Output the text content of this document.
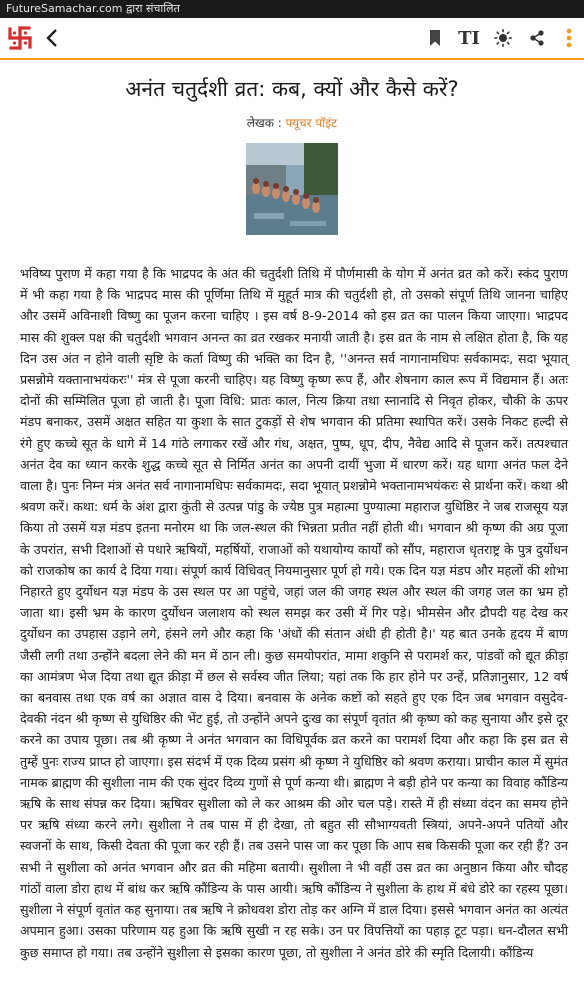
FutureSamachar.com द्वारा संचालित
TI
अनंत चतुर्दशी व्रत: कब, क्यों और कैसे करें?
लेखक : फ्यूचर पॉइंट

भविष्य पुराण में कहा गया है कि भाद्रपद के अंत की चतुर्दशी तिथि में पौर्णमासी के योग में अनंत व्रत को करें। स्कंद पुराण में भी कहा गया है कि भाद्रपद मास की पूर्णिमा तिथि में मुहूर्त मात्र की चतुर्दशी हो, तो उसको संपूर्ण तिथि जानना चाहिए और उसमें अविनाशी विष्णु का पूजन करना चाहिए । इस वर्ष 8-9-2014 को इस व्रत का पालन किया जाएगा। भाद्रपद मास की शुक्ल पक्ष की चतुर्दशी भगवान अनन्त का व्रत रखकर मनायी जाती है। इस व्रत के नाम से लक्षित होता है, कि यह दिन उस अंत न होने वाली सृष्टि के कर्ता विष्णु की भक्ति का दिन है, ''अनन्त सर्व नागानामधिपः सर्वकामदः, सदा भूयात् प्रसन्नोमे यक्तानाभयंकरः'' मंत्र से पूजा करनी चाहिए। यह विष्णु कृष्ण रूप हैं, और शेषनाग काल रूप में विद्यमान हैं। अतः दोनों की सम्मिलित पूजा हो जाती है। पूजा विधि: प्रातः काल, नित्य क्रिया तथा स्नानादि से निवृत होकर, चौकी के ऊपर मंडप बनाकर, उसमें अक्षत सहित या कुशा के सात टुकड़ों से शेष भगवान की प्रतिमा स्थापित करें। उसके निकट हल्दी से रंगे हुए कच्चे सूत के धागे में 14 गांठे लगाकर रखें और गंध, अक्षत, पुष्प, धूप, दीप, नैवेद्य आदि से पूजन करें। तत्पश्चात अनंत देव का ध्यान करके शुद्ध कच्चे सूत से निर्मित अनंत का अपनी दायीं भुजा में धारण करें। यह धागा अनंत फल देने वाला है। पुनः निम्न मंत्र अनंत सर्व नागानामधिपः सर्वकामदः, सदा भूयात् प्रशन्नोमे भक्तानामभयंकरः से प्रार्थना करें। कथा श्री श्रवण करें। कथा: धर्म के अंश द्वारा कुंती से उत्पन्न पांडु के ज्येष्ठ पुत्र महात्मा पुण्यात्मा महाराज युधिष्ठिर ने जब राजसूय यज्ञ किया तो उसमें यज्ञ मंडप इतना मनोरम था कि जल-स्थल की भिन्नता प्रतीत नहीं होती थी। भगवान श्री कृष्ण की अग्र पूजा के उपरांत, सभी दिशाओं से पधारे ऋषियों, महर्षियों, राजाओं को यथायोग्य कार्यों को सौंप, महाराज धृतराष्ट्र के पुत्र दुर्योधन को राजकोष का कार्य दे दिया गया। संपूर्ण कार्य विधिवत् नियमानुसार पूर्ण हो गये। एक दिन यज्ञ मंडप और महलों की शोभा निहारते हुए दुर्योधन यज्ञ मंडप के उस स्थल पर आ पहुंचे, जहां जल की जगह स्थल और स्थल की जगह जल का भ्रम हो जाता था। इसी भ्रम के कारण दुर्योधन जलाशय को स्थल समझ कर उसी में गिर पड़े। भीमसेन और द्रौपदी यह देख कर दुर्योधन का उपहास उड़ाने लगे, हंसने लगे और कहा कि 'अंधों की संतान अंधी ही होती है।' यह बात उनके हृदय में बाण जैसी लगी तथा उन्होंने बदला लेने की मन में ठान ली। कुछ समयोपरांत, मामा शकुनि से परामर्श कर, पांडवों को द्यूत क्रीड़ा का आमंत्रण भेज दिया तथा द्यूत क्रीड़ा में छल से सर्वस्व जीत लिया; यहां तक कि हार होने पर उन्हें, प्रतिज्ञानुसार, 12 वर्ष का बनवास तथा एक वर्ष का अज्ञात वास दे दिया। बनवास के अनेक कष्टों को सहते हुए एक दिन जब भगवान वसुदेव-देवकी नंदन श्री कृष्ण से युधिष्ठिर की भेंट हुई, तो उन्होंने अपने दुःख का संपूर्ण वृतांत श्री कृष्ण को कह सुनाया और इसे दूर करने का उपाय पूछा। तब श्री कृष्ण ने अनंत भगवान का विधिपूर्वक व्रत करने का परामर्श दिया और कहा कि इस व्रत से तुम्हें पुनः राज्य प्राप्त हो जाएगा। इस संदर्भ में एक दिव्य प्रसंग श्री कृष्ण ने युधिष्ठिर को श्रवण कराया। प्राचीन काल में सुमंत नामक ब्राह्मण की सुशीला नाम की एक सुंदर दिव्य गुणों से पूर्ण कन्या थी। ब्राह्मण ने बड़ी होने पर कन्या का विवाह कौंडिन्य ऋषि के साथ संपन्न कर दिया। ऋषिवर सुशीला को ले कर आश्रम की ओर चल पड़े। रास्ते में ही संध्या वंदन का समय होने पर ऋषि संध्या करने लगे। सुशीला ने तब पास में ही देखा, तो बहुत सी सौभाग्यवती स्त्रियां, अपने-अपने पतियों और स्वजनों के साथ, किसी देवता की पूजा कर रही हैं। तब उसने पास जा कर पूछा कि आप सब किसकी पूजा कर रही हैं? उन सभी ने सुशीला को अनंत भगवान और व्रत की महिमा बतायी। सुशीला ने भी वहीं उस व्रत का अनुष्ठान किया और चौदह गांठों वाला डोरा हाथ में बांध कर ऋषि कौंडिन्य के पास आयी। ऋषि कौंडिन्य ने सुशीला के हाथ में बंधे डोरे का रहस्य पूछा। सुशीला ने संपूर्ण वृतांत कह सुनाया। तब ऋषि ने क्रोधवश डोरा तोड़ कर अग्नि में डाल दिया। इससे भगवान अनंत का अत्यंत अपमान हुआ। उसका परिणाम यह हुआ कि ऋषि सुखी न रह सके। उन पर विपत्तियों का पहाड़ टूट पड़ा। धन-दौलत सभी कुछ समाप्त हो गया। तब उन्होंने सुशीला से इसका कारण पूछा, तो सुशीला ने अनंत डोरे की स्मृति दिलायी। कौंडिन्य
